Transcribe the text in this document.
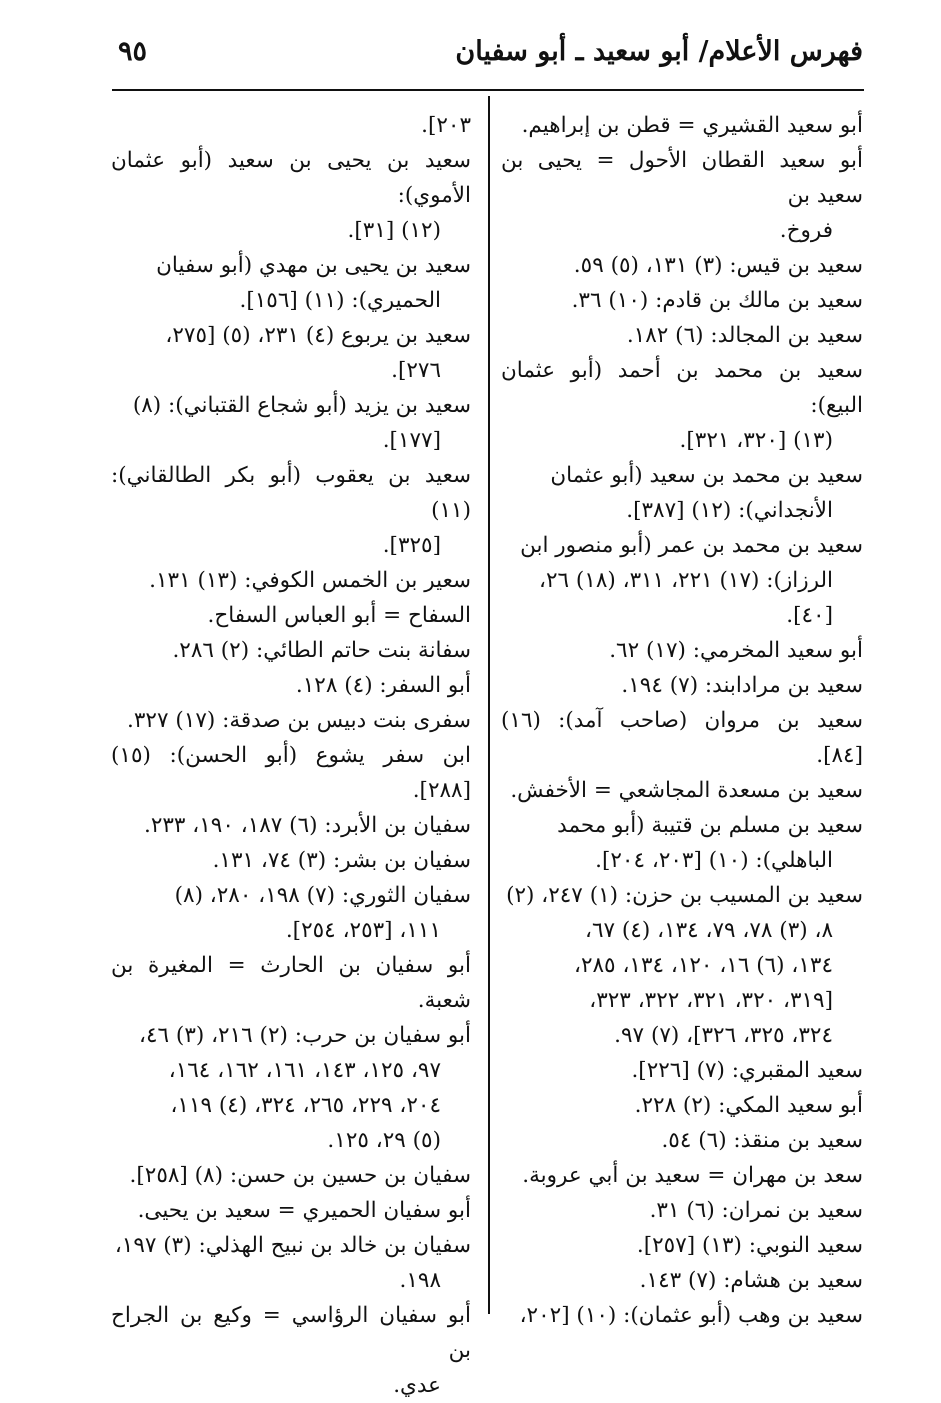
فهرس الأعلام/ أبو سعيد ـ أبو سفيان
٩٥
أبو سعيد القشيري = قطن بن إبراهيم.
أبو سعيد القطان الأحول = يحيى بن سعيد بن
فروخ.
سعيد بن قيس: (٣) ١٣١، (٥) ٥٩.
سعيد بن مالك بن قادم: (١٠) ٣٦.
سعيد بن المجالد: (٦) ١٨٢.
سعيد بن محمد بن أحمد (أبو عثمان البيع):
(١٣) [٣٢٠، ٣٢١].
سعيد بن محمد بن سعيد (أبو عثمان
الأنجداني): (١٢) [٣٨٧].
سعيد بن محمد بن عمر (أبو منصور ابن
الرزاز): (١٧) ٢٢١، ٣١١، (١٨) ٢٦،
[٤٠].
أبو سعيد المخرمي: (١٧) ٦٢.
سعيد بن مرادابند: (٧) ١٩٤.
سعيد بن مروان (صاحب آمد): (١٦) [٨٤].
سعيد بن مسعدة المجاشعي = الأخفش.
سعيد بن مسلم بن قتيبة (أبو محمد
الباهلي): (١٠) [٢٠٣، ٢٠٤].
سعيد بن المسيب بن حزن: (١) ٢٤٧، (٢)
٨، (٣) ٧٨، ٧٩، ١٣٤، (٤) ٦٧،
١٣٤، (٦) ١٦، ١٢٠، ١٣٤، ٢٨٥،
[٣١٩، ٣٢٠، ٣٢١، ٣٢٢، ٣٢٣،
٣٢٤، ٣٢٥، ٣٢٦]، (٧) ٩٧.
سعيد المقبري: (٧) [٢٢٦].
أبو سعيد المكي: (٢) ٢٢٨.
سعيد بن منقذ: (٦) ٥٤.
سعد بن مهران = سعيد بن أبي عروبة.
سعيد بن نمران: (٦) ٣١.
سعيد النوبي: (١٣) [٢٥٧].
سعيد بن هشام: (٧) ١٤٣.
سعيد بن وهب (أبو عثمان): (١٠) [٢٠٢،
٢٠٣].
سعيد بن يحيى بن سعيد (أبو عثمان الأموي):
(١٢) [٣١].
سعيد بن يحيى بن مهدي (أبو سفيان
الحميري): (١١) [١٥٦].
سعيد بن يربوع (٤) ٢٣١، (٥) [٢٧٥،
٢٧٦].
سعيد بن يزيد (أبو شجاع القتباني): (٨)
[١٧٧].
سعيد بن يعقوب (أبو بكر الطالقاني): (١١)
[٣٢٥].
سعير بن الخمس الكوفي: (١٣) ١٣١.
السفاح = أبو العباس السفاح.
سفانة بنت حاتم الطائي: (٢) ٢٨٦.
أبو السفر: (٤) ١٢٨.
سفرى بنت دبيس بن صدقة: (١٧) ٣٢٧.
ابن سفر يشوع (أبو الحسن): (١٥) [٢٨٨].
سفيان بن الأبرد: (٦) ١٨٧، ١٩٠، ٢٣٣.
سفيان بن بشر: (٣) ٧٤، ١٣١.
سفيان الثوري: (٧) ١٩٨، ٢٨٠، (٨)
١١١، [٢٥٣، ٢٥٤].
أبو سفيان بن الحارث = المغيرة بن شعبة.
أبو سفيان بن حرب: (٢) ٢١٦، (٣) ٤٦،
٩٧، ١٢٥، ١٤٣، ١٦١، ١٦٢، ١٦٤،
٢٠٤، ٢٢٩، ٢٦٥، ٣٢٤، (٤) ١١٩،
(٥) ٢٩، ١٢٥.
سفيان بن حسين بن حسن: (٨) [٢٥٨].
أبو سفيان الحميري = سعيد بن يحيى.
سفيان بن خالد بن نبيح الهذلي: (٣) ١٩٧،
١٩٨.
أبو سفيان الرؤاسي = وكيع بن الجراح بن
عدي.
